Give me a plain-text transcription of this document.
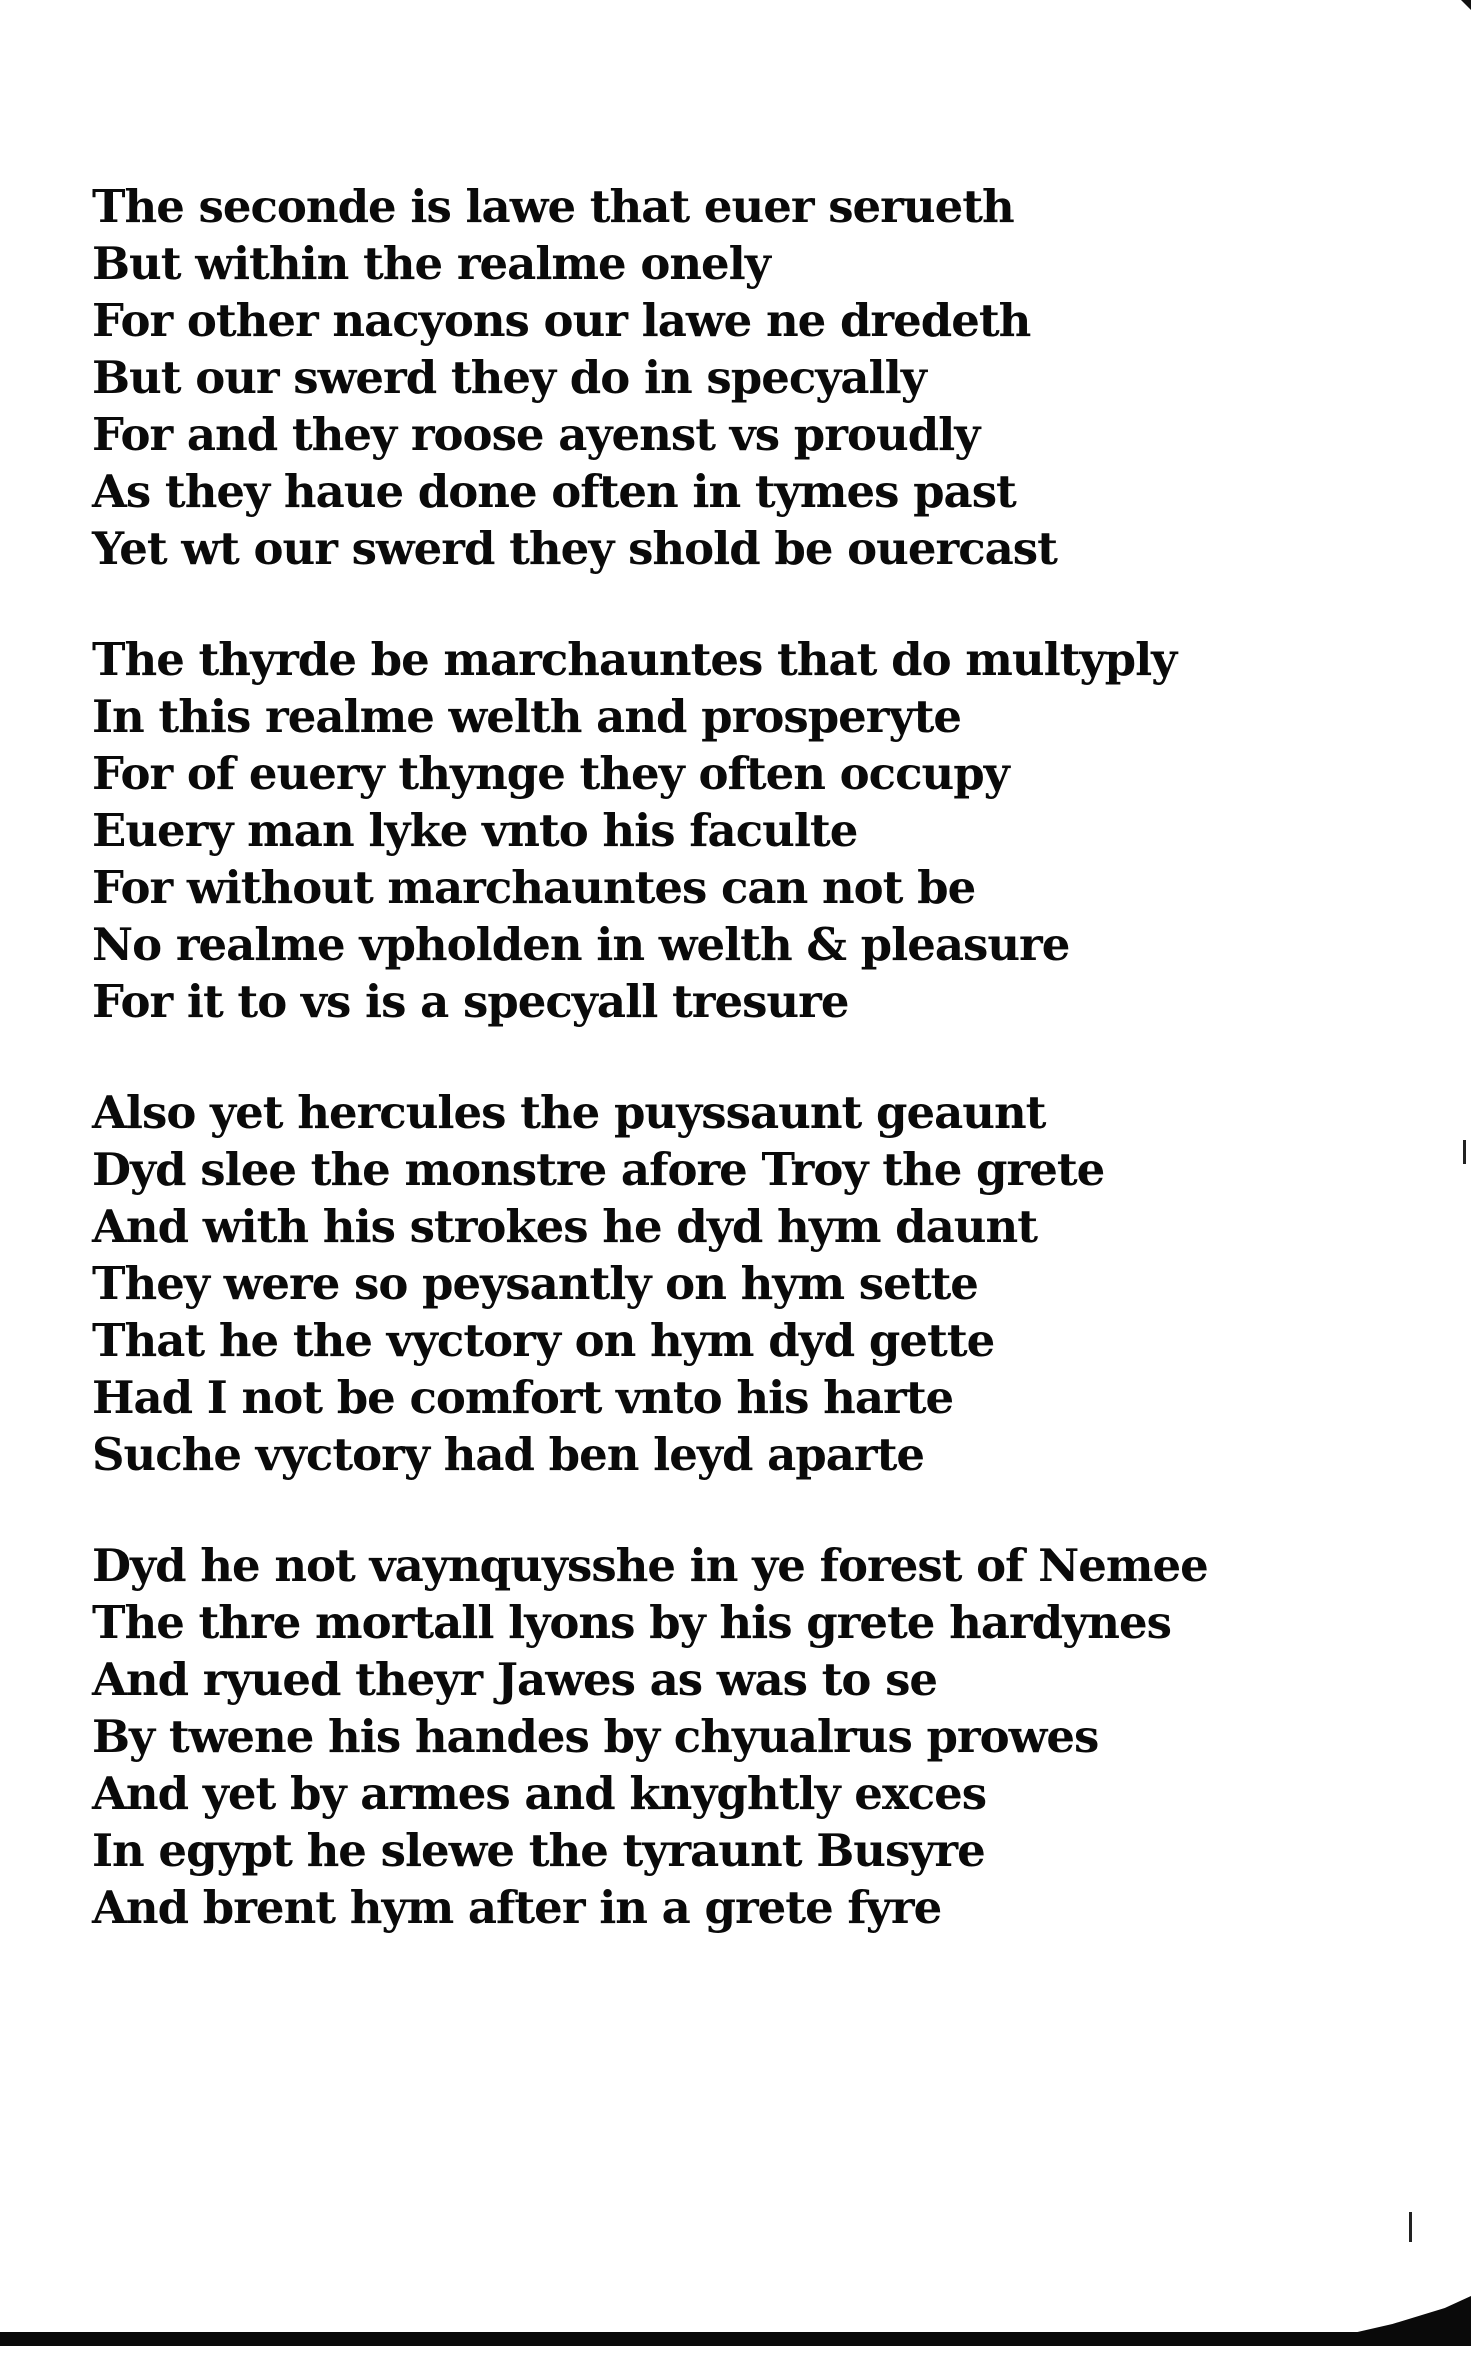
The seconde is lawe that euer serueth
But within the realme onely
For other nacyons our lawe ne dredeth
But our swerd they do in specyally
For and they roose ayenst vs proudly
As they haue done often in tymes past
Yet wt our swerd they shold be ouercast
The thyrde be marchauntes that do multyply
In this realme welth and prosperyte
For of euery thynge they often occupy
Euery man lyke vnto his faculte
For without marchauntes can not be
No realme vpholden in welth & pleasure
For it to vs is a specyall tresure
Also yet hercules the puyssaunt geaunt
Dyd slee the monstre afore Troy the grete
And with his strokes he dyd hym daunt
They were so peysantly on hym sette
That he the vyctory on hym dyd gette
Had I not be comfort vnto his harte
Suche vyctory had ben leyd aparte
Dyd he not vaynquysshe in ye forest of Nemee
The thre mortall lyons by his grete hardynes
And ryued theyr Jawes as was to se
By twene his handes by chyualrus prowes
And yet by armes and knyghtly exces
In egypt he slewe the tyraunt Busyre
And brent hym after in a grete fyre
